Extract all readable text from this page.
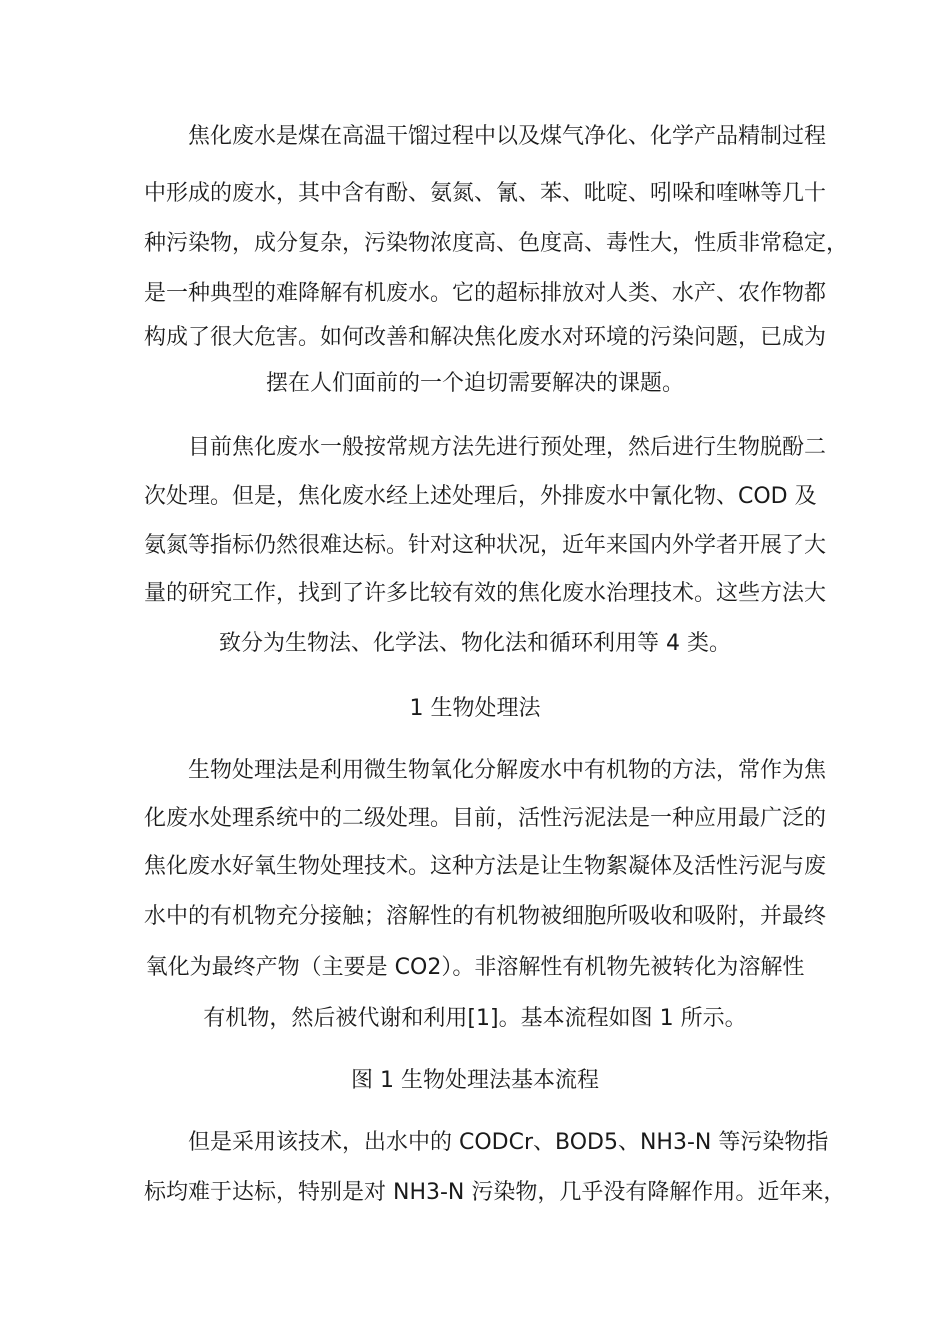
　　焦化废水是煤在高温干馏过程中以及煤气净化、化学产品精制过程
中形成的废水，其中含有酚、氨氮、氰、苯、吡啶、吲哚和喹啉等几十
种污染物，成分复杂，污染物浓度高、色度高、毒性大，性质非常稳定，
是一种典型的难降解有机废水。它的超标排放对人类、水产、农作物都
构成了很大危害。如何改善和解决焦化废水对环境的污染问题，已成为
摆在人们面前的一个迫切需要解决的课题。
　　目前焦化废水一般按常规方法先进行预处理，然后进行生物脱酚二
次处理。但是，焦化废水经上述处理后，外排废水中氰化物、COD 及
氨氮等指标仍然很难达标。针对这种状况，近年来国内外学者开展了大
量的研究工作，找到了许多比较有效的焦化废水治理技术。这些方法大
致分为生物法、化学法、物化法和循环利用等 4 类。
1 生物处理法
　　生物处理法是利用微生物氧化分解废水中有机物的方法，常作为焦
化废水处理系统中的二级处理。目前，活性污泥法是一种应用最广泛的
焦化废水好氧生物处理技术。这种方法是让生物絮凝体及活性污泥与废
水中的有机物充分接触；溶解性的有机物被细胞所吸收和吸附，并最终
氧化为最终产物（主要是 CO2）。非溶解性有机物先被转化为溶解性
有机物，然后被代谢和利用[1]。基本流程如图 1 所示。
图 1 生物处理法基本流程
　　但是采用该技术，出水中的 CODCr、BOD5、NH3-N 等污染物指
标均难于达标，特别是对 NH3-N 污染物，几乎没有降解作用。近年来，
